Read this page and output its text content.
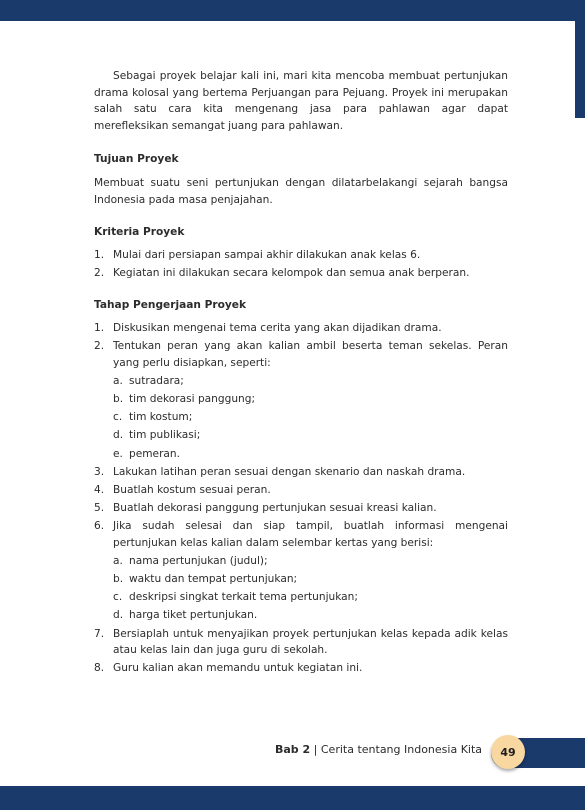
Sebagai proyek belajar kali ini, mari kita mencoba membuat pertunjukan drama kolosal yang bertema Perjuangan para Pejuang. Proyek ini merupakan salah satu cara kita mengenang jasa para pahlawan agar dapat merefleksikan semangat juang para pahlawan.

Tujuan Proyek

Membuat suatu seni pertunjukan dengan dilatarbelakangi sejarah bangsa Indonesia pada masa penjajahan.

Kriteria Proyek

1. Mulai dari persiapan sampai akhir dilakukan anak kelas 6.
2. Kegiatan ini dilakukan secara kelompok dan semua anak berperan.

Tahap Pengerjaan Proyek

1. Diskusikan mengenai tema cerita yang akan dijadikan drama.
2. Tentukan peran yang akan kalian ambil beserta teman sekelas. Peran yang perlu disiapkan, seperti:
a. sutradara;
b. tim dekorasi panggung;
c. tim kostum;
d. tim publikasi;
e. pemeran.
3. Lakukan latihan peran sesuai dengan skenario dan naskah drama.
4. Buatlah kostum sesuai peran.
5. Buatlah dekorasi panggung pertunjukan sesuai kreasi kalian.
6. Jika sudah selesai dan siap tampil, buatlah informasi mengenai pertunjukan kelas kalian dalam selembar kertas yang berisi:
a. nama pertunjukan (judul);
b. waktu dan tempat pertunjukan;
c. deskripsi singkat terkait tema pertunjukan;
d. harga tiket pertunjukan.
7. Bersiaplah untuk menyajikan proyek pertunjukan kelas kepada adik kelas atau kelas lain dan juga guru di sekolah.
8. Guru kalian akan memandu untuk kegiatan ini.
Bab 2 | Cerita tentang Indonesia Kita 49
